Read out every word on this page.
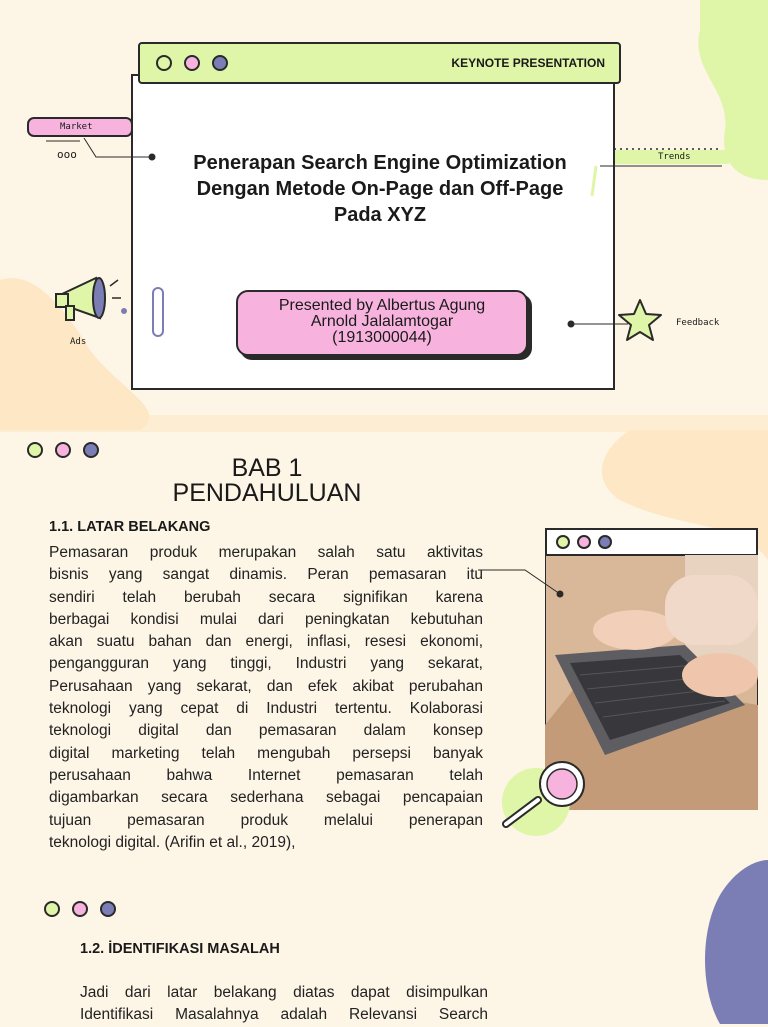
KEYNOTE PRESENTATION
Penerapan Search Engine Optimization
Dengan Metode On-Page dan Off-Page
Pada XYZ
Presented by Albertus Agung
Arnold Jalalamtogar
(1913000044)
Market
ooo	Trends
Ads
Feedback
BAB 1
PENDAHULUAN
1.1. LATAR BELAKANG
Pemasaran produk merupakan salah satu aktivitas
bisnis yang sangat dinamis. Peran pemasaran itu
sendiri telah berubah secara signifikan karena
berbagai kondisi mulai dari peningkatan kebutuhan
akan suatu bahan dan energi, inflasi, resesi ekonomi,
pengangguran yang tinggi, Industri yang sekarat,
Perusahaan yang sekarat, dan efek akibat perubahan
teknologi yang cepat di Industri tertentu. Kolaborasi
teknologi digital dan pemasaran dalam konsep
digital marketing telah mengubah persepsi banyak
perusahaan bahwa Internet pemasaran telah
digambarkan secara sederhana sebagai pencapaian
tujuan pemasaran produk melalui penerapan
teknologi digital. (Arifin et al., 2019),
1.2. İDENTIFIKASI MASALAH
Jadi dari latar belakang diatas dapat disimpulkan
Identifikasi Masalahnya adalah Relevansi Search
